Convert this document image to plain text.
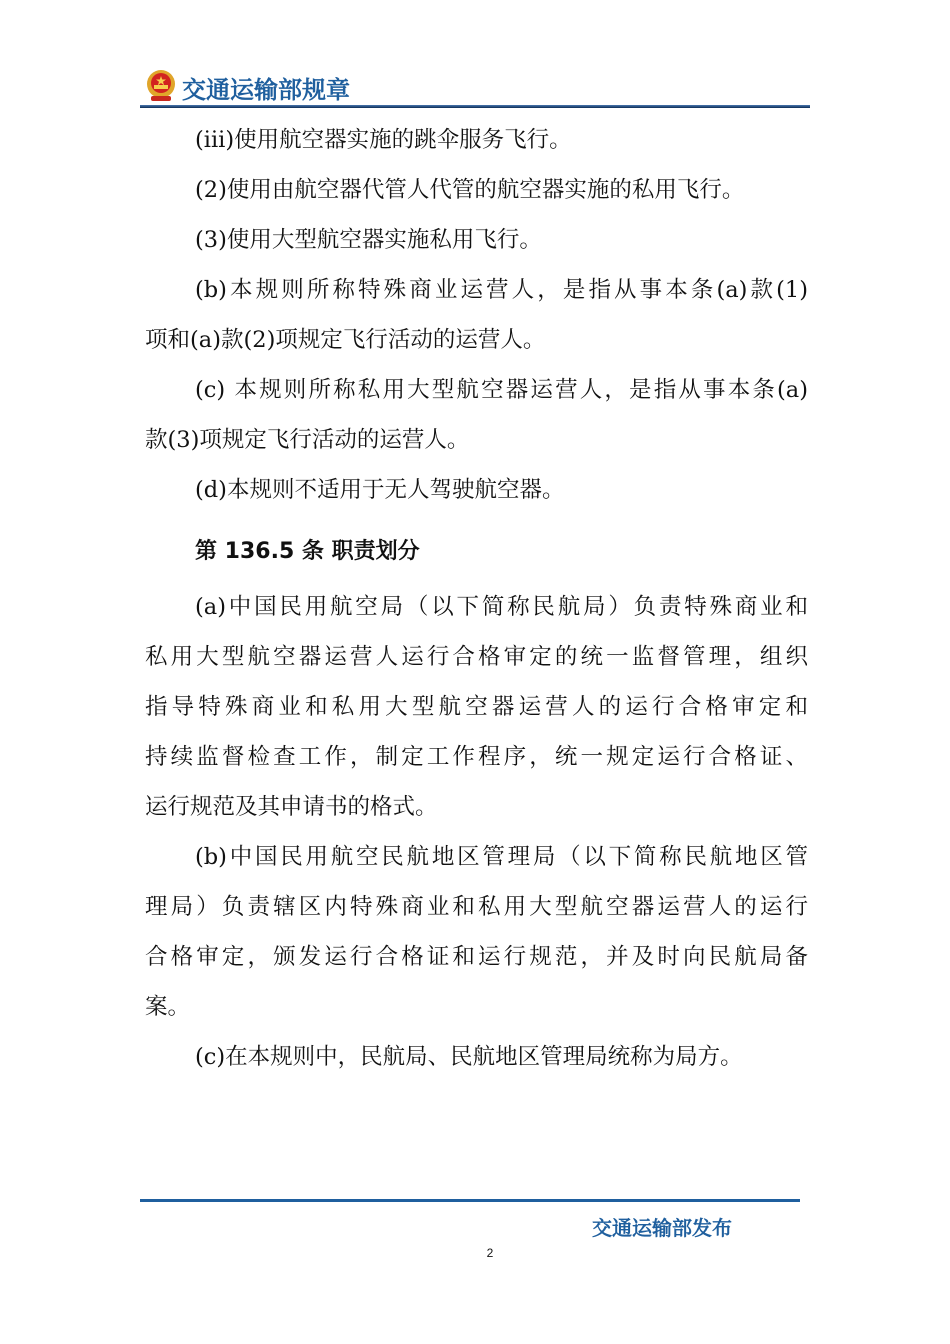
交通运输部规章
(iii)使用航空器实施的跳伞服务飞行。
(2)使用由航空器代管人代管的航空器实施的私用飞行。
(3)使用大型航空器实施私用飞行。
(b)本规则所称特殊商业运营人，是指从事本条(a)款(1)
项和(a)款(2)项规定飞行活动的运营人。
(c) 本规则所称私用大型航空器运营人，是指从事本条(a)
款(3)项规定飞行活动的运营人。
(d)本规则不适用于无人驾驶航空器。
(a)中国民用航空局（以下简称民航局）负责特殊商业和
私用大型航空器运营人运行合格审定的统一监督管理，组织
指导特殊商业和私用大型航空器运营人的运行合格审定和
持续监督检查工作，制定工作程序，统一规定运行合格证、
运行规范及其申请书的格式。
(b)中国民用航空民航地区管理局（以下简称民航地区管
理局）负责辖区内特殊商业和私用大型航空器运营人的运行
合格审定，颁发运行合格证和运行规范，并及时向民航局备
案。
(c)在本规则中，民航局、民航地区管理局统称为局方。
第 136.5 条 职责划分
交通运输部发布
2
